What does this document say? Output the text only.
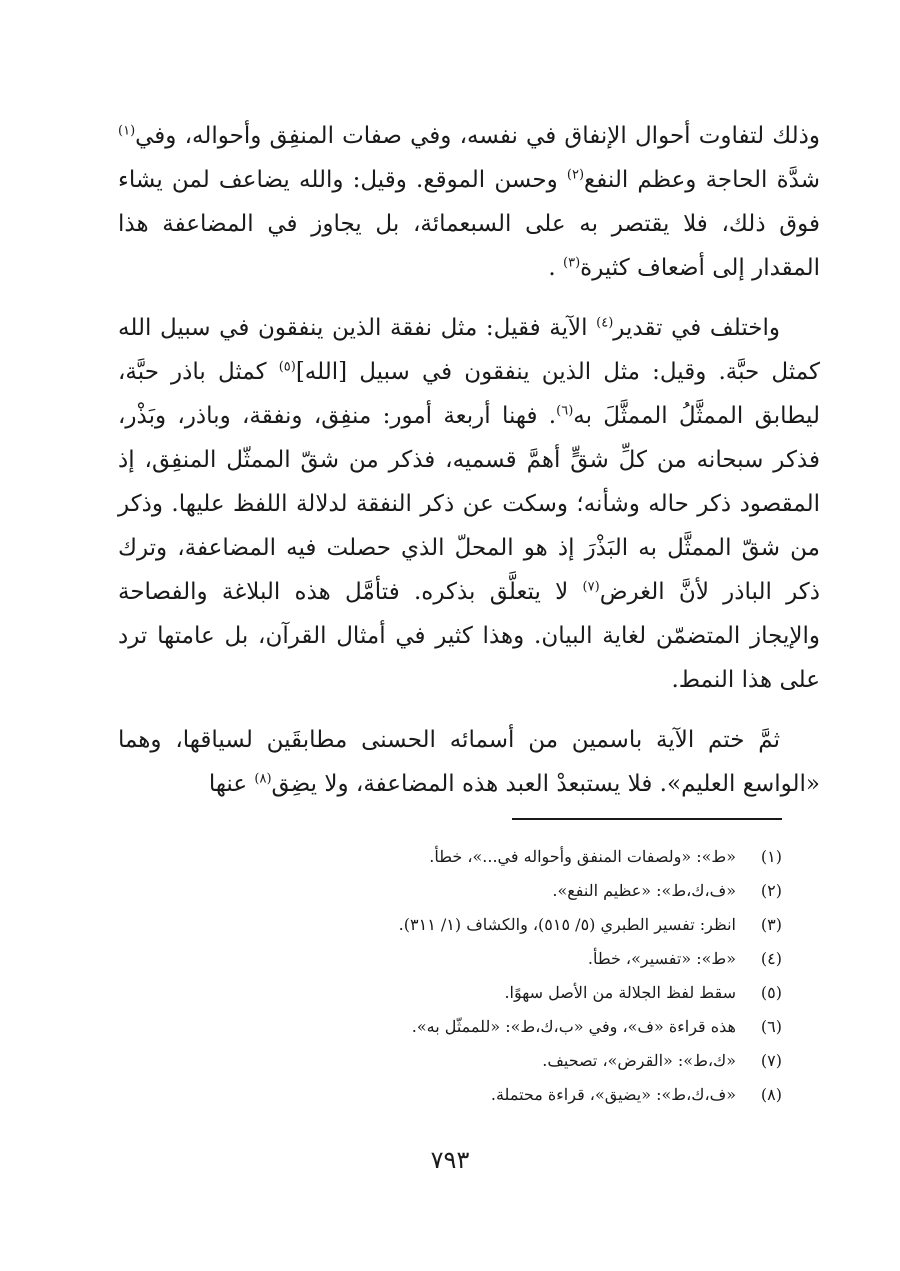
وذلك لتفاوت أحوال الإنفاق في نفسه، وفي صفات المنفِق وأحواله، وفي$^{(١)}$ شدَّة الحاجة وعظم النفع$^{(٢)}$ وحسن الموقع. وقيل: والله يضاعف لمن يشاء فوق ذلك، فلا يقتصر به على السبعمائة، بل يجاوز في المضاعفة هذا المقدار إلى أضعاف كثيرة$^{(٣)}$ .

واختلف في تقدير$^{(٤)}$ الآية فقيل: مثل نفقة الذين ينفقون في سبيل الله كمثل حبَّة. وقيل: مثل الذين ينفقون في سبيل [الله]$^{(٥)}$ كمثل باذر حبَّة، ليطابق الممثَّلُ الممثَّلَ به$^{(٦)}$. فهنا أربعة أمور: منفِق، ونفقة، وباذر، وبَذْر، فذكر سبحانه من كلِّ شقٍّ أهمَّ قسميه، فذكر من شقّ الممثّل المنفِق، إذ المقصود ذكر حاله وشأنه؛ وسكت عن ذكر النفقة لدلالة اللفظ عليها. وذكر من شقّ الممثَّل به البَذْرَ إذ هو المحلّ الذي حصلت فيه المضاعفة، وترك ذكر الباذر لأنَّ الغرض$^{(٧)}$ لا يتعلَّق بذكره. فتأمَّل هذه البلاغة والفصاحة والإيجاز المتضمّن لغاية البيان. وهذا كثير في أمثال القرآن، بل عامتها ترد على هذا النمط.

ثمَّ ختم الآية باسمين من أسمائه الحسنى مطابقَين لسياقها، وهما «الواسع العليم». فلا يستبعدْ العبد هذه المضاعفة، ولا يضِق$^{(٨)}$ عنها

(١)
«ط»: «ولصفات المنفق وأحواله في...»، خطأ.
(٢)
«ف،ك،ط»: «عظيم النفع».
(٣)
انظر: تفسير الطبري (٥/ ٥١٥)، والكشاف (١/ ٣١١).
(٤)
«ط»: «تفسير»، خطأ.
(٥)
سقط لفظ الجلالة من الأصل سهوًا.
(٦)
هذه قراءة «ف»، وفي «ب،ك،ط»: «للممثّل به».
(٧)
«ك،ط»: «القرض»، تصحيف.
(٨)
«ف،ك،ط»: «يضيق»، قراءة محتملة.
٧٩٣
